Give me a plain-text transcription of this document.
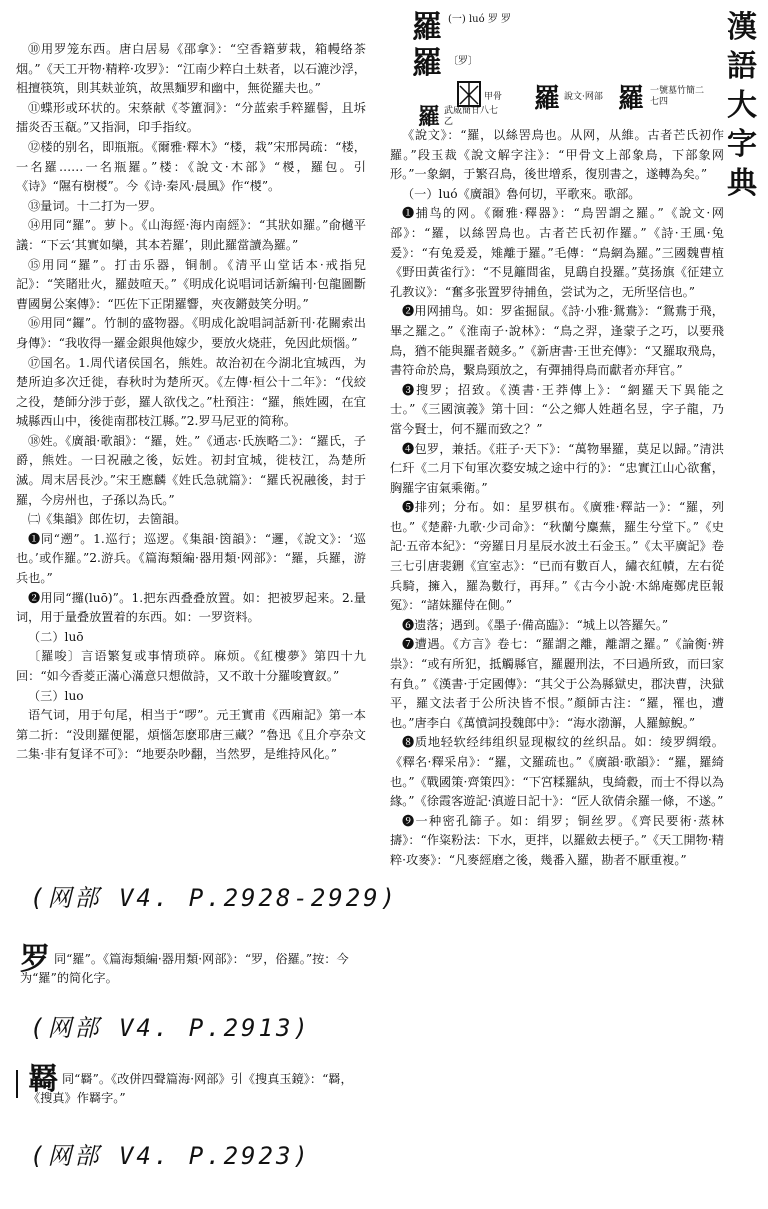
漢
語
大
字
典
羅 (一) luó 罗 罗
羅 〔罗〕
甲骨 羅 說文·网部 羅 一號墓竹簡二七四
羅 武威簡甘八七乙

⑩用罗笼东西。唐白居易《邵拿》：“空香籍萝栽，箱幔络茶烟。”《天工开物·精粹·攻罗》：“江南少粹白土麸者，以石漉沙浮，柤擅筷筑，則其麸並筑，故黑麵罗和幽中，無從羅夫也。”

⑪蝶形或环状的。宋蔡献《苓簠洞》：“分蓝索手粹羅髻，且坼擂炎否玉瓻。”又指洞，印手指纹。

⑫楼的别名，即瓶瓶。《爾雅·釋木》“楼，栽”宋邢昺疏：“楼，一名羅……一名瓶羅。”楼：《說文·木部》“椶，羅包。引《诗》“隰有樹椶”。今《诗·秦风·晨風》作“椶”。

⑬量词。十二打为一罗。

⑭用同“羅”。萝卜。《山海經·海内南經》：“其狀如羅。”俞樾平議：“下云‘其實如欒，其本若羅’，則此羅當讀為羅。”

⑮用同“羅”。打击乐器，铜制。《清平山堂话本·戒指兒記》：“笑賭壯火，羅鼓喧天。”《明成化说唱词话新編刊·包龍圖斷曹國舅公案傳》：“匹佐下正閉羅響，夾夜鏘鼓笑分明。”

⑯用同“鑼”。竹制的盛物器。《明成化說唱詞話新刊·花關索出身傳》：“我收得一羅金銀與他嫁少，要放火烧莊，免因此烦惱。”

⑰国名。1.周代诸侯国名，熊姓。故治初在今湖北宜城西，为楚所迫多次迁徙，春秋时为楚所灭。《左傳·桓公十二年》：“伐絞之役，楚師分涉于彭，羅人欲伐之。”杜預注：“羅，熊姓國，在宜城縣西山中，後徙南郡枝江縣。”2.罗马尼亚的简称。

⑱姓。《廣韻·歌韻》：“羅，姓。”《通志·氏族略二》：“羅氏，子爵，熊姓。一曰祝融之後，妘姓。初封宜城，徙枝江，為楚所滅。周末居長沙。”宋王應麟《姓氏急就篇》：“羅氏祝融後，封于羅，今房州也，子孫以為氏。”

㈡《集韻》郎佐切，去箇韻。

❶同“遡”。1.巡行；巡逻。《集韻·筃韻》：“邏，《說文》：‘巡也。’或作羅。”2.游兵。《篇海類編·器用類·网部》：“羅，兵羅，游兵也。”

❷用同“攞(luō)”。1.把东西叠叠放置。如：把被罗起来。2.量词，用于量叠放置着的东西。如：一罗资料。

（二）luō

〔羅唆〕言语繁复或事情琐碎。麻烦。《紅樓夢》第四十九回：“如今香菱正滿心滿意只想做詩，又不敢十分羅唆寶釵。”

（三）luo

语气词，用于句尾，相当于“啰”。元王實甫《西廂記》第一本第二折：“没則羅便罷，煩惱怎麽耶唐三藏？”魯迅《且介亭杂文二集·非有复译不可》：“地要杂吵翻，当然罗，是维持风化。”

《說文》：“羅，以絲罟鳥也。从网，从維。古者芒氏初作羅。”段玉裁《說文解字注》：“甲骨文上部象鳥，下部象网形。”一象網，于繁召鳥，後世增系，復別書之，遂轉為矣。”

（一）luó《廣韻》魯何切，平歌來。歌部。

❶捕鸟的网。《爾雅·釋器》：“鳥罟謂之羅。”《說文·网部》：“羅，以絲罟鳥也。古者芒氏初作羅。”《詩·王風·兔爰》：“有兔爰爰，雉離于羅。”毛傳：“鳥網為羅。”三國魏曹植《野田黃雀行》：“不見籬間雀，見鷂自投羅。”莫扬旗《征建立孔教议》：“奮多张置罗待捕鱼，尝试为之，无所坚信也。”

❷用网捕鸟。如：罗雀掘鼠。《詩·小雅·鴛鴦》：“鴛鴦于飛，畢之羅之。”《淮南子·說林》：“鳥之羿，逢蒙子之巧，以要飛鳥，猶不能與羅者競多。”《新唐書·王世充傳》：“又羅取飛鳥，書符命於鳥，繫鳥頸放之，有彈捕得鳥而獻者亦拜官。”

❸搜罗；招致。《漢書·王莽傳上》：“網羅天下異能之士。”《三國演義》第十回：“公之鄉人姓趙名昱，字子龍，乃當今賢士，何不羅而致之？”

❹包罗，兼括。《莊子·天下》：“萬物畢羅，莫足以歸。”清洪仁玕《二月下旬軍次婺安城之途中行的》：“忠實江山心欲奮，胸羅字宙氣乘衛。”

❺排列；分布。如：星罗棋布。《廣雅·釋詁一》：“羅，列也。”《楚辭·九歌·少司命》：“秋蘭兮麋蕪，羅生兮堂下。”《史記·五帝本紀》：“旁羅日月星辰水波土石金玉。”《太平廣記》卷三七引唐裴鉶《宣室志》：“已而有數百人，繡衣紅幘，左右從兵騎，擁入，羅為數行，再拜。”《古今小說·木綿庵鄭虎臣報冤》：“諸妹羅侍在側。”

❻遗落；遇到。《墨子·備高臨》：“城上以答羅矢。”

❼遭遇。《方言》卷七：“羅謂之離，離謂之羅。”《論衡·辨祟》：“或有所犯，抵觸縣官，羅麗刑法，不曰過所致，而曰家有負。”《漢書·于定國傳》：“其父于公為縣獄史，郡決曹，決獄平，羅文法者于公所決皆不恨。”顏師古注：“羅，罹也，遭也。”唐李白《萬憤詞投魏郎中》：“海水渤澥，人羅鯨鯢。”

❽质地轻软经纬组织显现椒纹的丝织品。如：绫罗绸缎。《釋名·釋采帛》：“羅，文羅疏也。”《廣韻·歌韻》：“羅，羅綺也。”《戰國策·齊策四》：“下宮糅羅紈，曳綺縠，而士不得以為緣。”《徐霞客遊記·滇遊日記十》：“匠人欲倩余羅一條，不遂。”

❾一种密孔篩子。如：绢罗；铜丝罗。《齊民要術·蒸林擣》：“作粢粉法：下水，更拌，以羅斂去梗子。”《天工開物·精粹·攻麥》：“凡麥經磨之後，幾番入羅，勘者不厭重複。”

(网部 V4. P.2928-2929)
罗同“羅”。《篇海類編·器用類·网部》：“罗，俗羅。”按：今为“羅”的简化字。
(网部 V4. P.2913)
羇同“羇”。《改併四聲篇海·网部》引《搜真玉鏡》：“羇，《搜真》作羇字。”
(网部 V4. P.2923)
